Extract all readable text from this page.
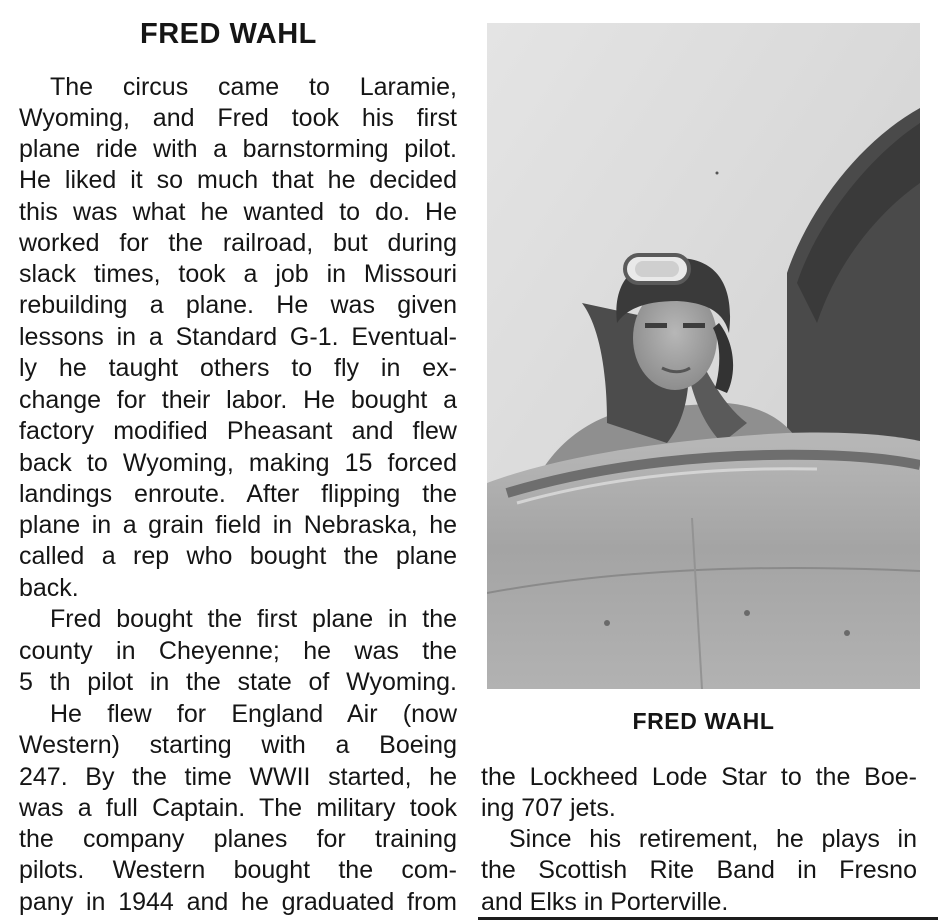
FRED WAHL
The circus came to Laramie,
Wyoming, and Fred took his first
plane ride with a barnstorming pilot.
He liked it so much that he decided
this was what he wanted to do. He
worked for the railroad, but during
slack times, took a job in Missouri
rebuilding a plane. He was given
lessons in a Standard G-1. Eventual-
ly he taught others to fly in ex-
change for their labor. He bought a
factory modified Pheasant and flew
back to Wyoming, making 15 forced
landings enroute. After flipping the
plane in a grain field in Nebraska, he
called a rep who bought the plane
back.
Fred bought the first plane in the
county in Cheyenne; he was the
5 th pilot in the state of Wyoming.
He flew for England Air (now
Western) starting with a Boeing
247. By the time WWII started, he
was a full Captain. The military took
the company planes for training
pilots. Western bought the com-
pany in 1944 and he graduated from
FRED WAHL
the Lockheed Lode Star to the Boe-
ing 707 jets.
Since his retirement, he plays in
the Scottish Rite Band in Fresno
and Elks in Porterville.
